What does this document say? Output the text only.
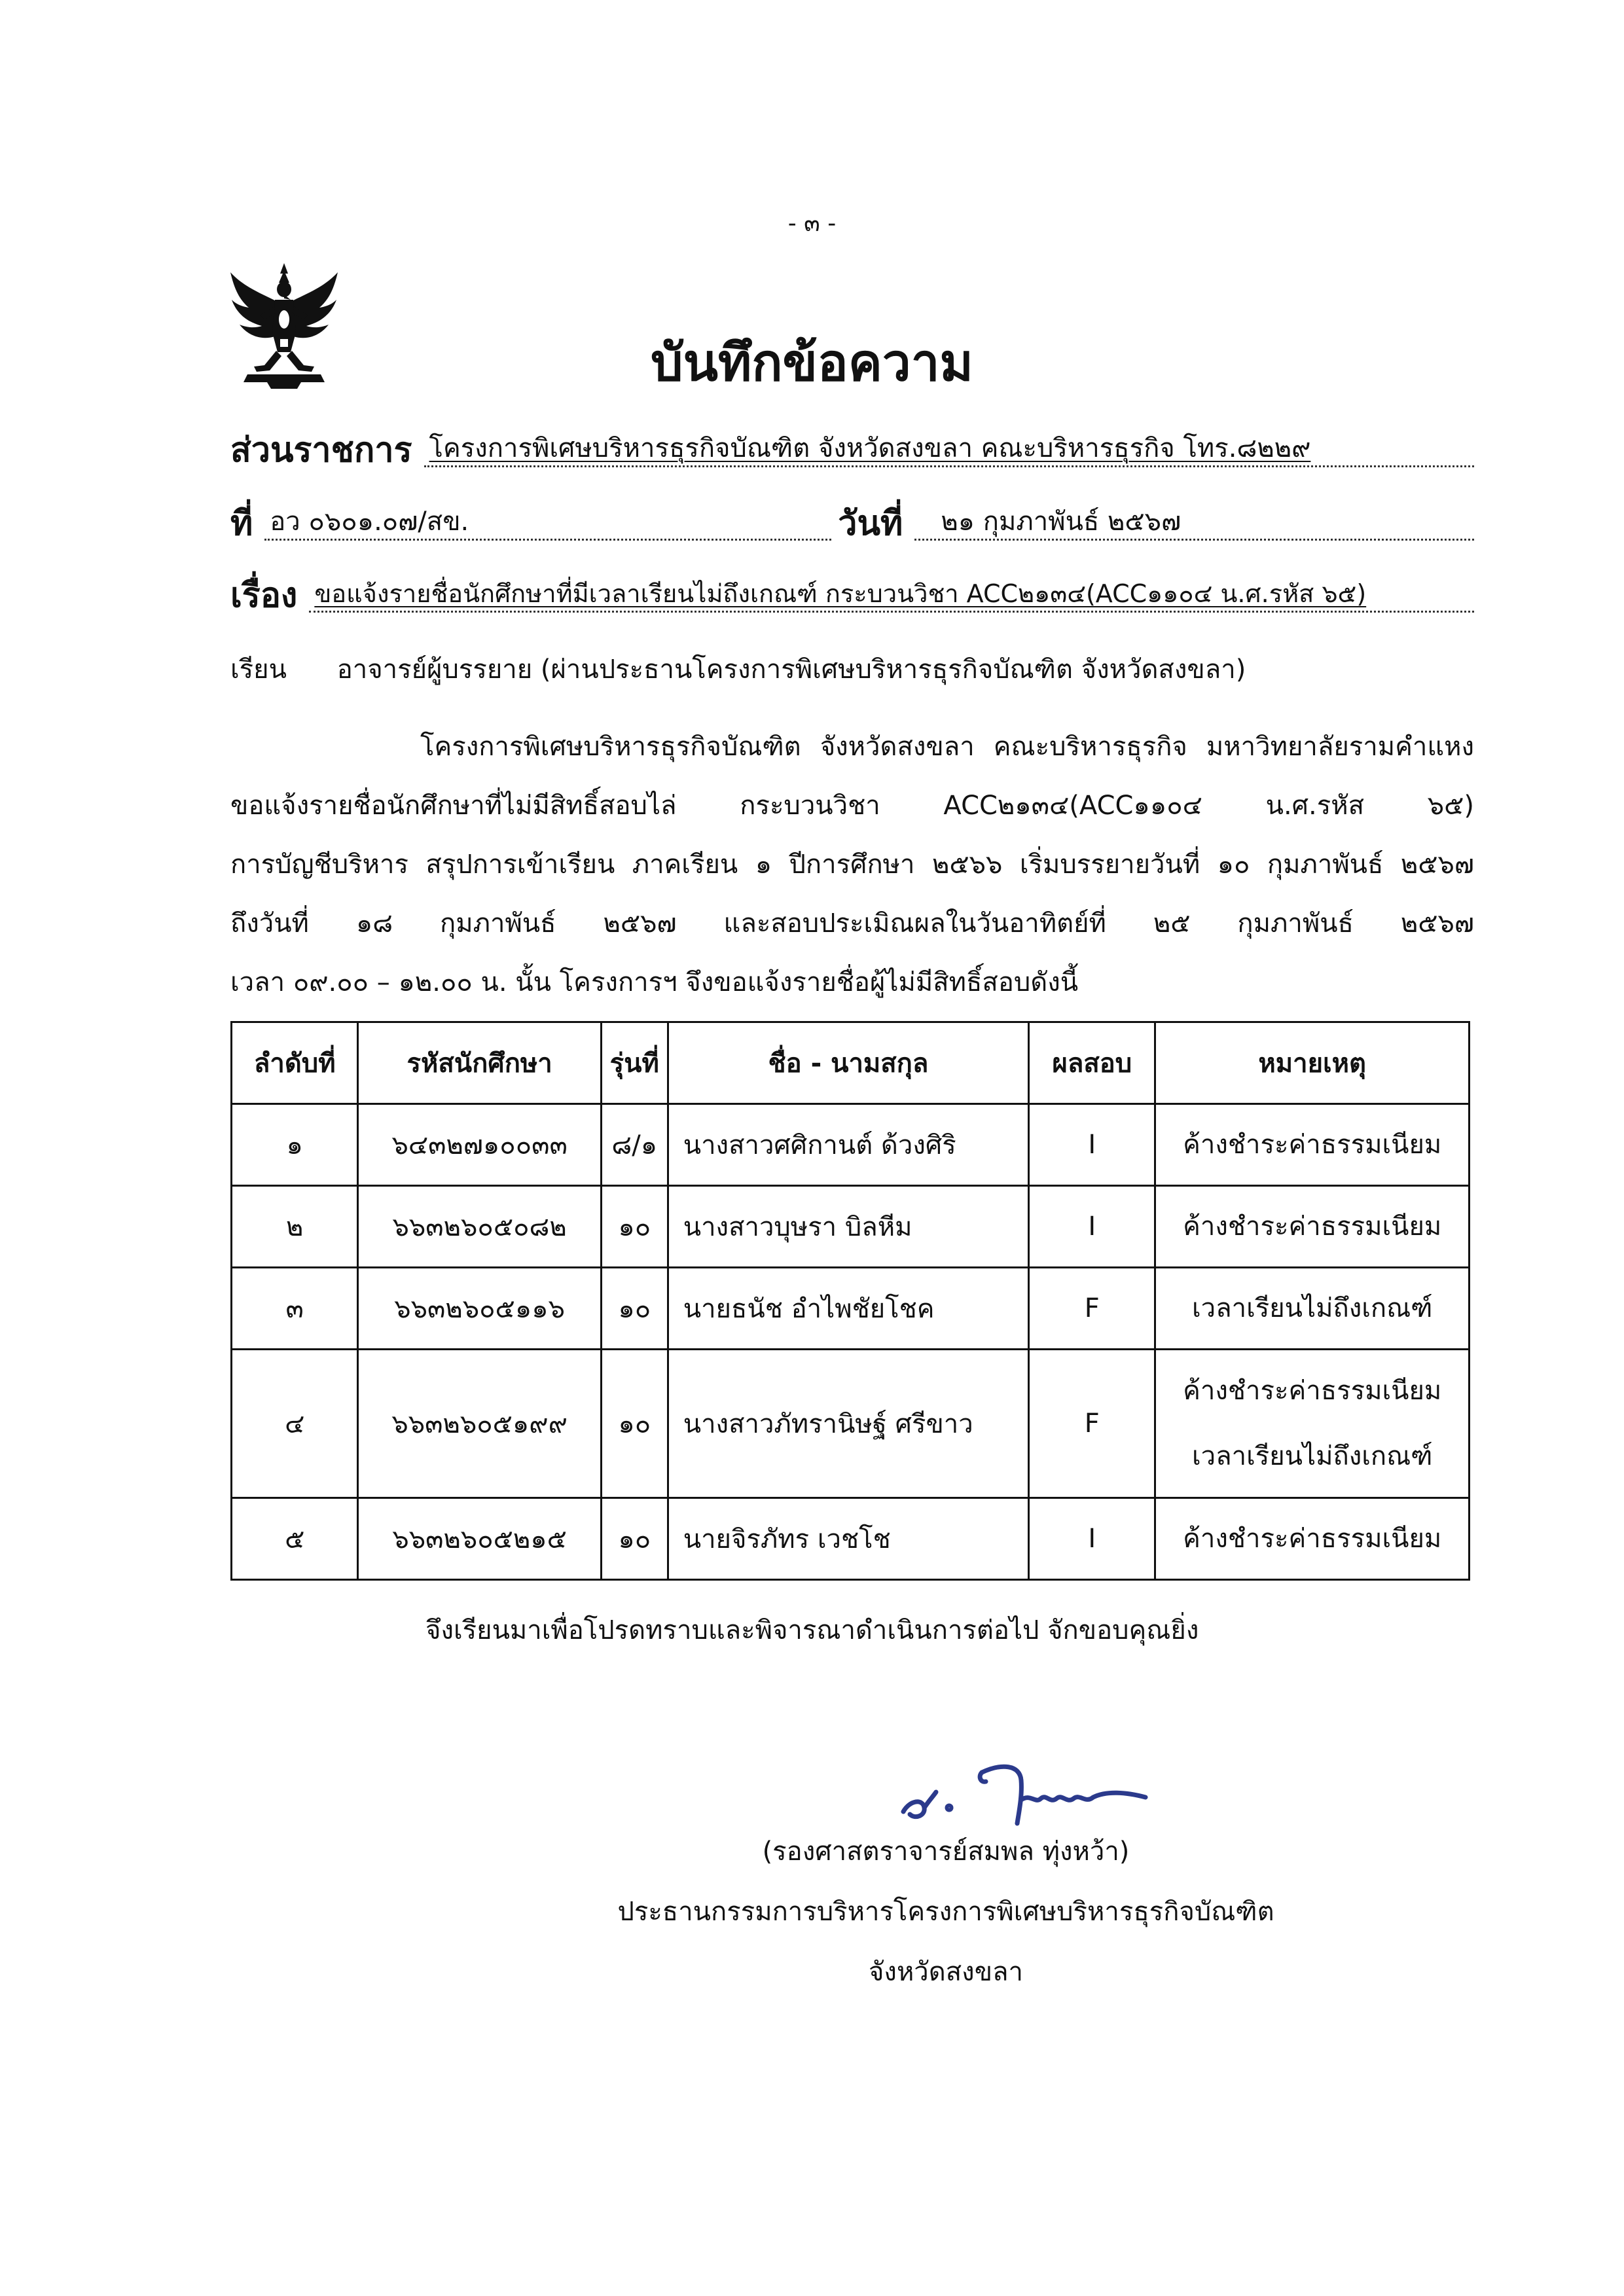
- ๓ -
บันทึกข้อความ
ส่วนราชการ โครงการพิเศษบริหารธุรกิจบัณฑิต จังหวัดสงขลา คณะบริหารธุรกิจ โทร.๘๒๒๙
ที่ อว ๐๖๐๑.๐๗/สข.	วันที่	๒๑ กุมภาพันธ์ ๒๕๖๗
เรื่อง ขอแจ้งรายชื่อนักศึกษาที่มีเวลาเรียนไม่ถึงเกณฑ์ กระบวนวิชา ACC๒๑๓๔(ACC๑๑๐๔ น.ศ.รหัส ๖๕)
เรียน อาจารย์ผู้บรรยาย (ผ่านประธานโครงการพิเศษบริหารธุรกิจบัณฑิต จังหวัดสงขลา)

โครงการพิเศษบริหารธุรกิจบัณฑิต จังหวัดสงขลา คณะบริหารธุรกิจ มหาวิทยาลัยรามคำแหง

ขอแจ้งรายชื่อนักศึกษาที่ไม่มีสิทธิ์สอบไล่ กระบวนวิชา ACC๒๑๓๔(ACC๑๑๐๔ น.ศ.รหัส ๖๕)

การบัญชีบริหาร สรุปการเข้าเรียน ภาคเรียน ๑ ปีการศึกษา ๒๕๖๖ เริ่มบรรยายวันที่ ๑๐ กุมภาพันธ์ ๒๕๖๗

ถึงวันที่ ๑๘ กุมภาพันธ์ ๒๕๖๗ และสอบประเมิณผลในวันอาทิตย์ที่ ๒๕ กุมภาพันธ์ ๒๕๖๗

เวลา ๐๙.๐๐ – ๑๒.๐๐ น. นั้น โครงการฯ จึงขอแจ้งรายชื่อผู้ไม่มีสิทธิ์สอบดังนี้

ลำดับที่	รหัสนักศึกษา	รุ่นที่	ชื่อ - นามสกุล	ผลสอบ	หมายเหตุ
๑	๖๔๓๒๗๑๐๐๓๓	๘/๑	นางสาวศศิกานต์ ด้วงศิริ	I	ค้างชำระค่าธรรมเนียม
๒	๖๖๓๒๖๐๕๐๘๒	๑๐	นางสาวบุษรา บิลหีม	I	ค้างชำระค่าธรรมเนียม
๓	๖๖๓๒๖๐๕๑๑๖	๑๐	นายธนัช อำไพชัยโชค	F	เวลาเรียนไม่ถึงเกณฑ์
๔	๖๖๓๒๖๐๕๑๙๙	๑๐	นางสาวภัทรานิษฐ์ ศรีขาว	F	ค้างชำระค่าธรรมเนียม
เวลาเรียนไม่ถึงเกณฑ์

๕	๖๖๓๒๖๐๕๒๑๕	๑๐	นายจิรภัทร เวชโช	I	ค้างชำระค่าธรรมเนียม
จึงเรียนมาเพื่อโปรดทราบและพิจารณาดำเนินการต่อไป จักขอบคุณยิ่ง
(รองศาสตราจารย์สมพล ทุ่งหว้า)
ประธานกรรมการบริหารโครงการพิเศษบริหารธุรกิจบัณฑิต
จังหวัดสงขลา
